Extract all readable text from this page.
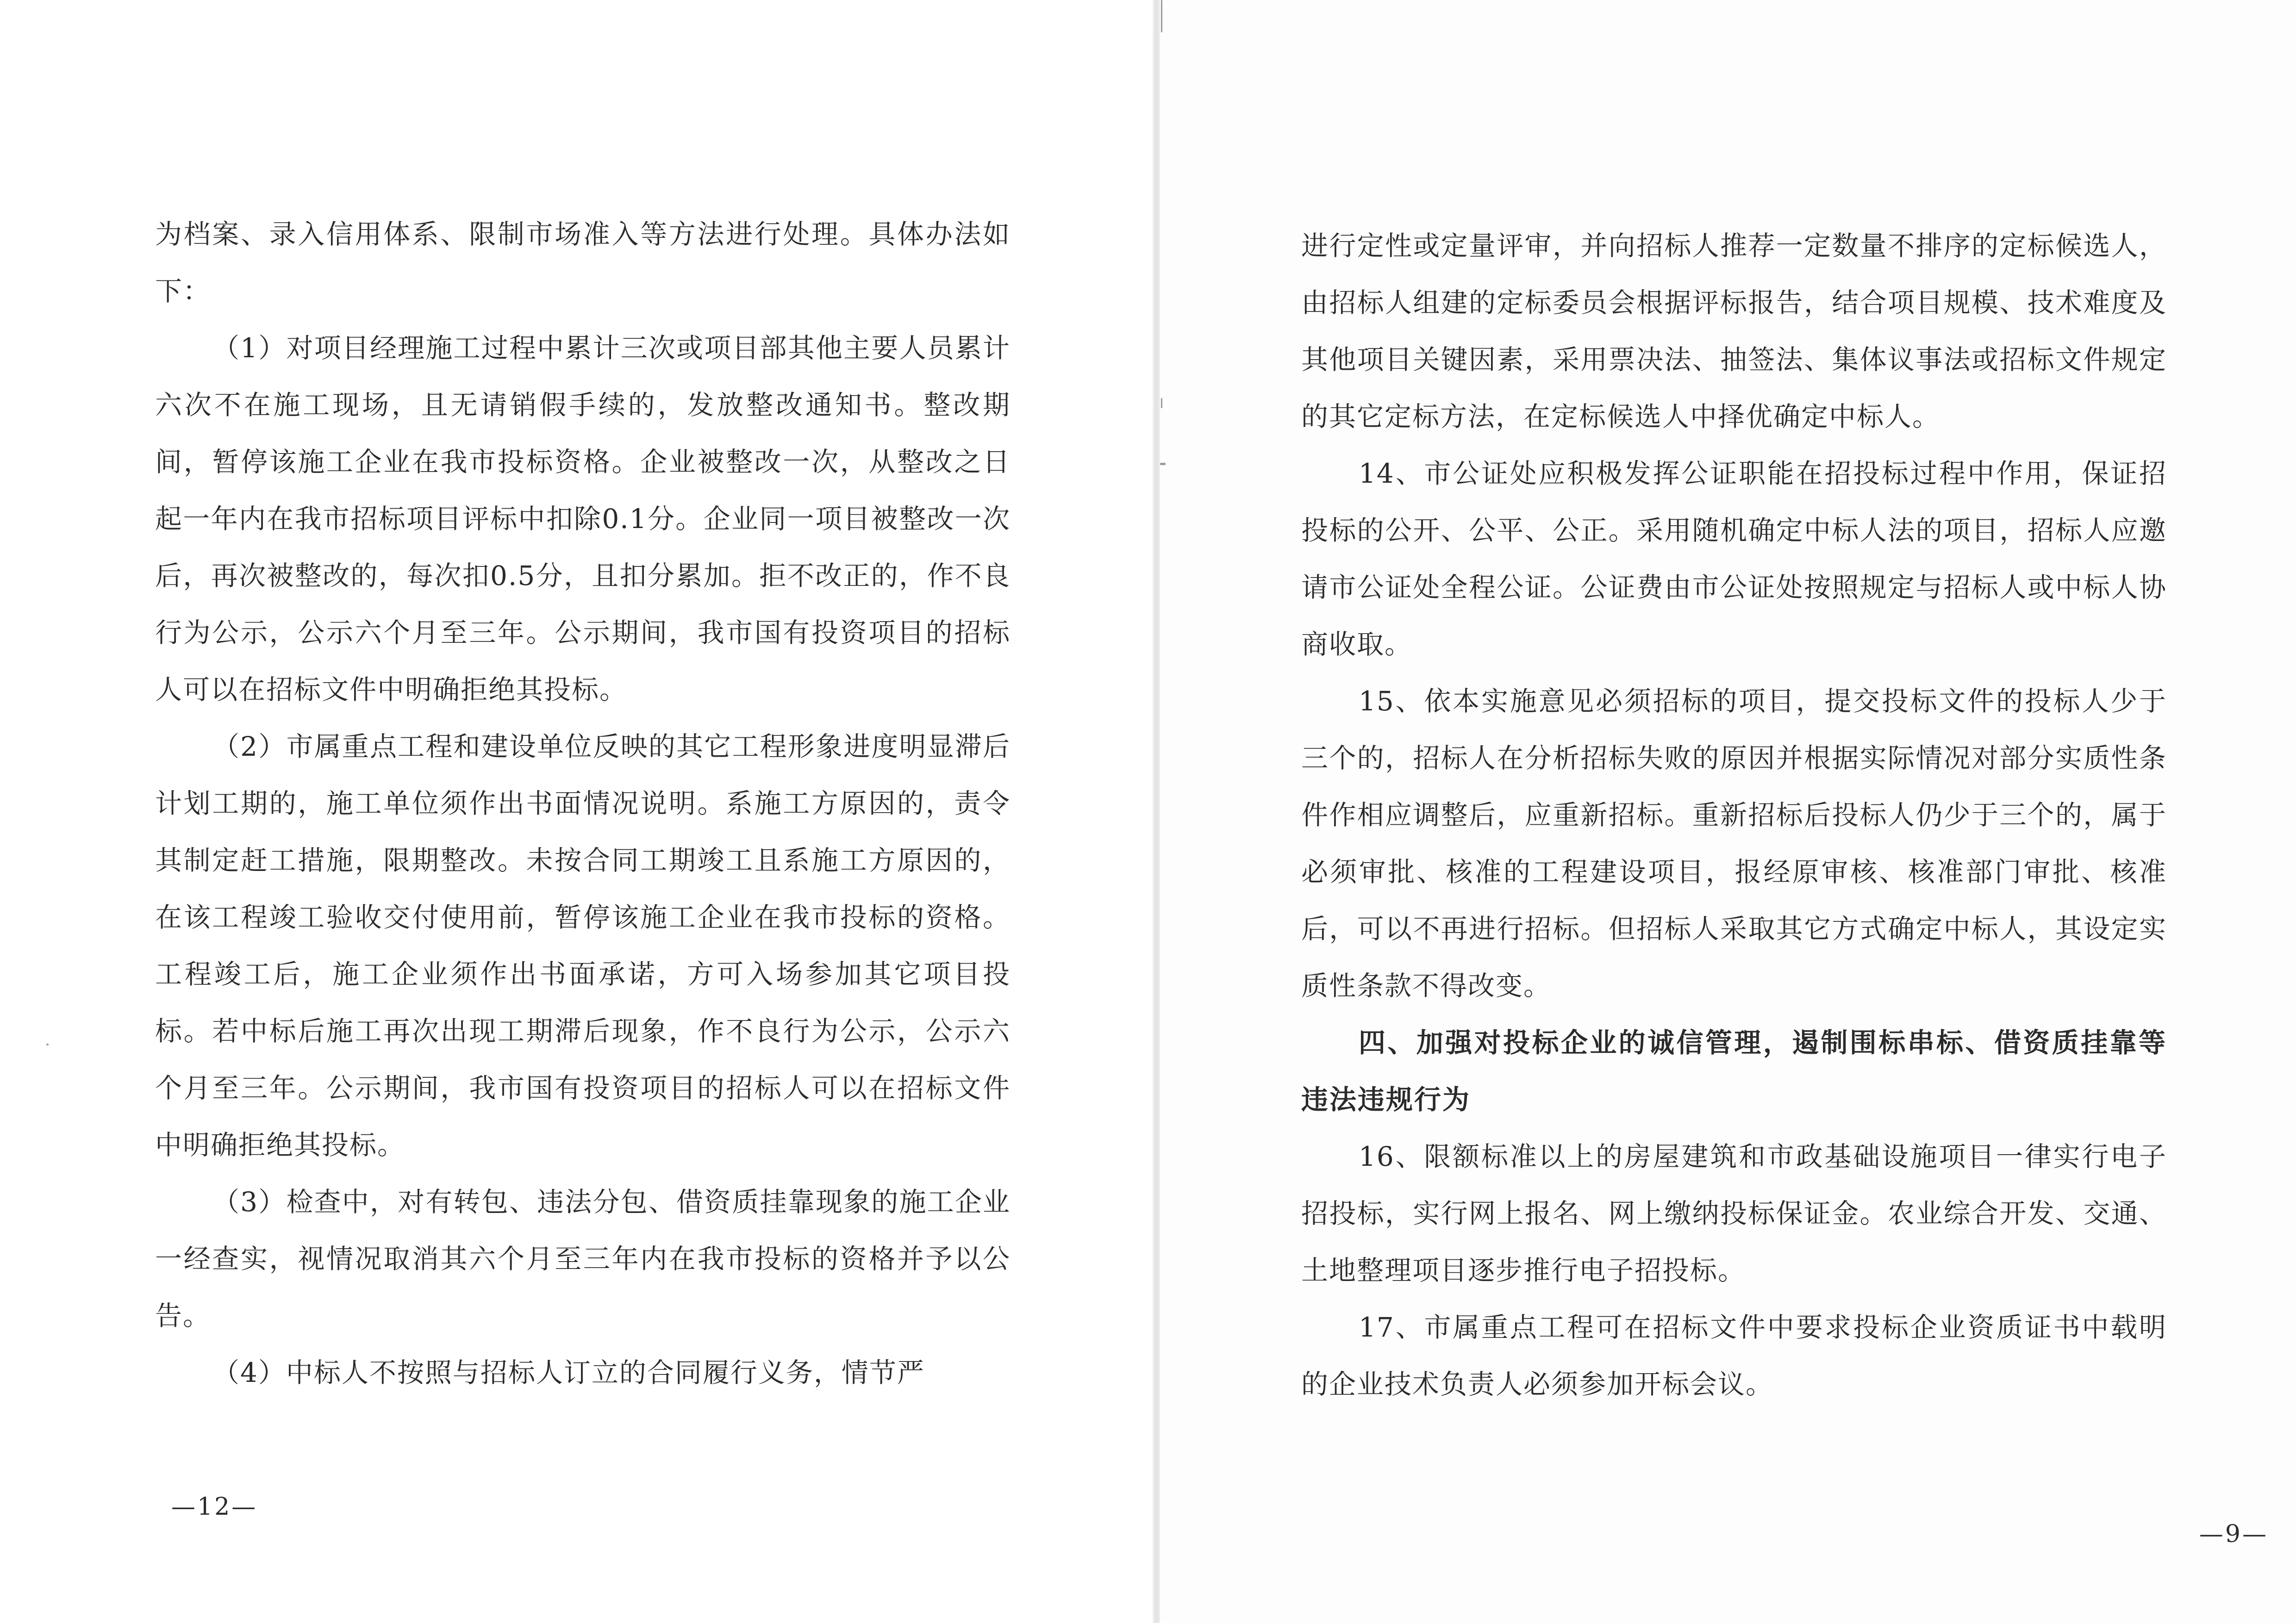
为档案、录入信用体系、限制市场准入等方法进行处理。具体办法如下：

（1）对项目经理施工过程中累计三次或项目部其他主要人员累计六次不在施工现场，且无请销假手续的，发放整改通知书。整改期间，暂停该施工企业在我市投标资格。企业被整改一次，从整改之日起一年内在我市招标项目评标中扣除0.1分。企业同一项目被整改一次后，再次被整改的，每次扣0.5分，且扣分累加。拒不改正的，作不良行为公示，公示六个月至三年。公示期间，我市国有投资项目的招标人可以在招标文件中明确拒绝其投标。

（2）市属重点工程和建设单位反映的其它工程形象进度明显滞后计划工期的，施工单位须作出书面情况说明。系施工方原因的，责令其制定赶工措施，限期整改。未按合同工期竣工且系施工方原因的，在该工程竣工验收交付使用前，暂停该施工企业在我市投标的资格。工程竣工后，施工企业须作出书面承诺，方可入场参加其它项目投标。若中标后施工再次出现工期滞后现象，作不良行为公示，公示六个月至三年。公示期间，我市国有投资项目的招标人可以在招标文件中明确拒绝其投标。

（3）检查中，对有转包、违法分包、借资质挂靠现象的施工企业一经查实，视情况取消其六个月至三年内在我市投标的资格并予以公告。

（4）中标人不按照与招标人订立的合同履行义务，情节严

—12—

进行定性或定量评审，并向招标人推荐一定数量不排序的定标候选人，由招标人组建的定标委员会根据评标报告，结合项目规模、技术难度及其他项目关键因素，采用票决法、抽签法、集体议事法或招标文件规定的其它定标方法，在定标候选人中择优确定中标人。

14、市公证处应积极发挥公证职能在招投标过程中作用，保证招投标的公开、公平、公正。采用随机确定中标人法的项目，招标人应邀请市公证处全程公证。公证费由市公证处按照规定与招标人或中标人协商收取。

15、依本实施意见必须招标的项目，提交投标文件的投标人少于三个的，招标人在分析招标失败的原因并根据实际情况对部分实质性条件作相应调整后，应重新招标。重新招标后投标人仍少于三个的，属于必须审批、核准的工程建设项目，报经原审核、核准部门审批、核准后，可以不再进行招标。但招标人采取其它方式确定中标人，其设定实质性条款不得改变。

四、加强对投标企业的诚信管理，遏制围标串标、借资质挂靠等违法违规行为

16、限额标准以上的房屋建筑和市政基础设施项目一律实行电子招投标，实行网上报名、网上缴纳投标保证金。农业综合开发、交通、土地整理项目逐步推行电子招投标。

17、市属重点工程可在招标文件中要求投标企业资质证书中载明的企业技术负责人必须参加开标会议。

—9—
